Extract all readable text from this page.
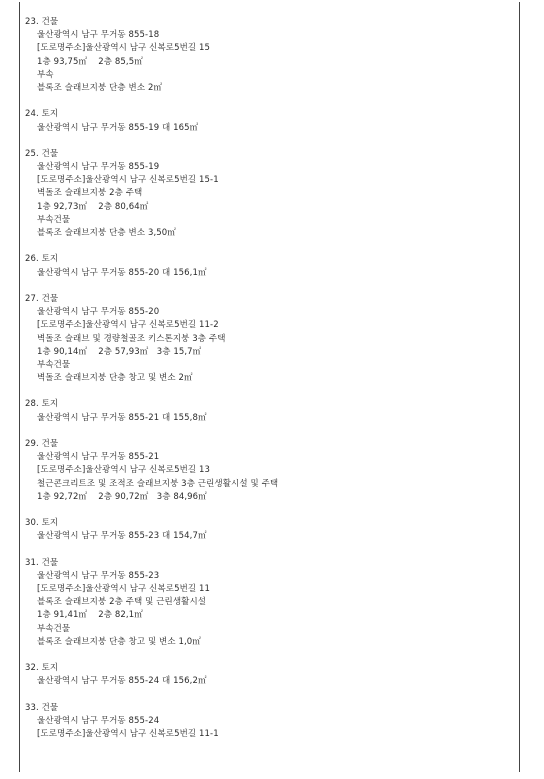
23. 건물
울산광역시 남구 무거동 855-18
[도로명주소]울산광역시 남구 신복로5번길 15
1층 93,75㎡    2층 85,5㎡
부속
블록조 슬래브지붕 단층 변소 2㎡
24. 토지
울산광역시 남구 무거동 855-19 대 165㎡
25. 건물
울산광역시 남구 무거동 855-19
[도로명주소]울산광역시 남구 신복로5번길 15-1
벽돌조 슬래브지붕 2층 주택
1층 92,73㎡    2층 80,64㎡
부속건물
블록조 슬래브지붕 단층 변소 3,50㎡
26. 토지
울산광역시 남구 무거동 855-20 대 156,1㎡
27. 건물
울산광역시 남구 무거동 855-20
[도로명주소]울산광역시 남구 신복로5번길 11-2
벽돌조 슬래브 및 경량철골조 키스톤지붕 3층 주택
1층 90,14㎡    2층 57,93㎡   3층 15,7㎡
부속건물
벽돌조 슬래브지붕 단층 창고 및 변소 2㎡
28. 토지
울산광역시 남구 무거동 855-21 대 155,8㎡
29. 건물
울산광역시 남구 무거동 855-21
[도로명주소]울산광역시 남구 신복로5번길 13
철근콘크리트조 및 조적조 슬래브지붕 3층 근린생활시설 및 주택
1층 92,72㎡    2층 90,72㎡   3층 84,96㎡
30. 토지
울산광역시 남구 무거동 855-23 대 154,7㎡
31. 건물
울산광역시 남구 무거동 855-23
[도로명주소]울산광역시 남구 신복로5번길 11
블록조 슬래브지붕 2층 주택 및 근린생활시설
1층 91,41㎡    2층 82,1㎡
부속건물
블록조 슬래브지붕 단층 창고 및 변소 1,0㎡
32. 토지
울산광역시 남구 무거동 855-24 대 156,2㎡
33. 건물
울산광역시 남구 무거동 855-24
[도로명주소]울산광역시 남구 신복로5번길 11-1
